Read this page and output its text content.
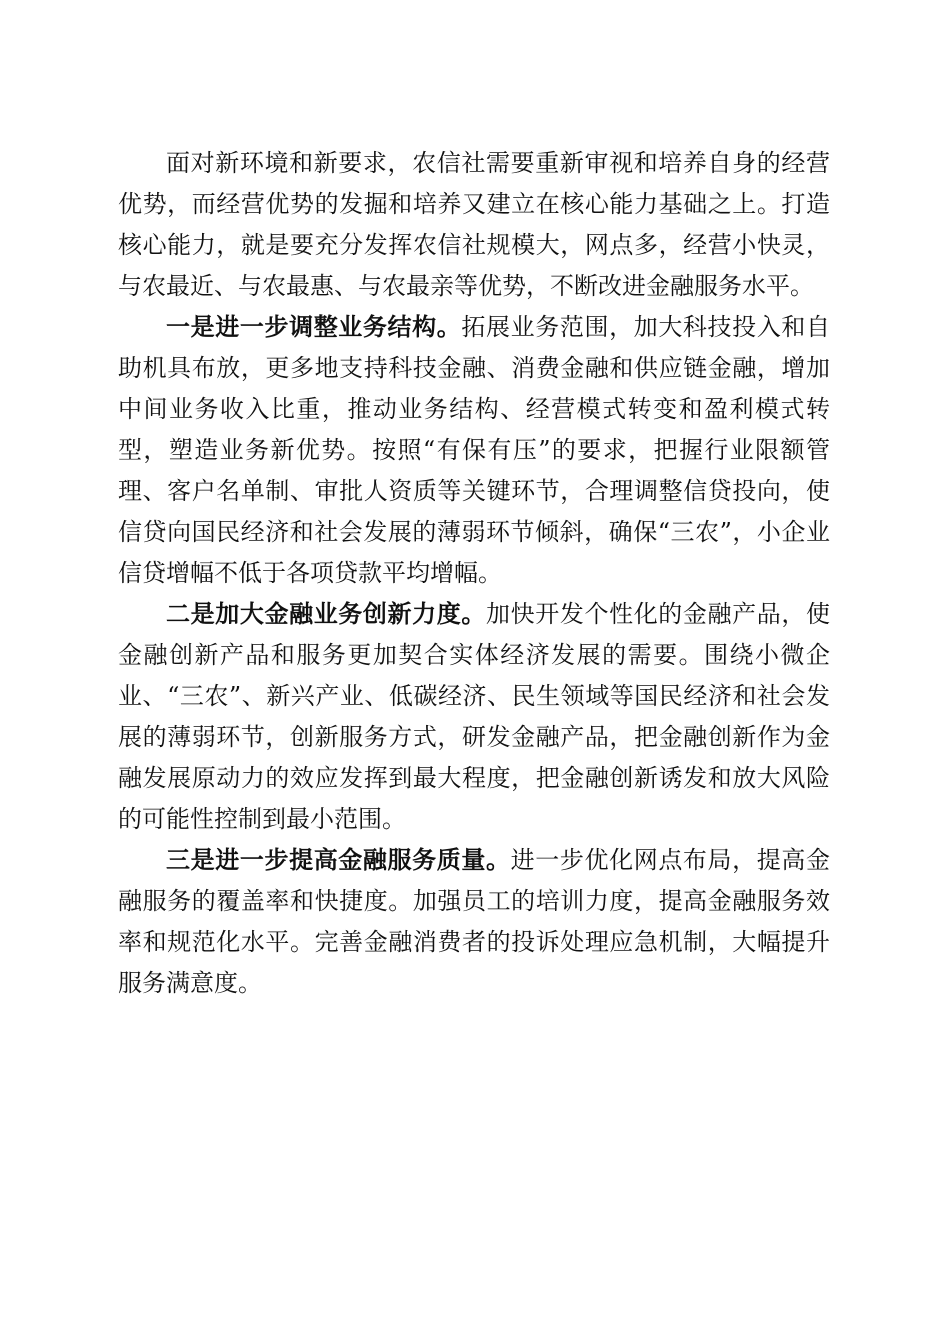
面对新环境和新要求，农信社需要重新审视和培养自身的经营优势，而经营优势的发掘和培养又建立在核心能力基础之上。打造核心能力，就是要充分发挥农信社规模大，网点多，经营小快灵，与农最近、与农最惠、与农最亲等优势，不断改进金融服务水平。

一是进一步调整业务结构。拓展业务范围，加大科技投入和自助机具布放，更多地支持科技金融、消费金融和供应链金融，增加中间业务收入比重，推动业务结构、经营模式转变和盈利模式转型，塑造业务新优势。按照“有保有压”的要求，把握行业限额管理、客户名单制、审批人资质等关键环节，合理调整信贷投向，使信贷向国民经济和社会发展的薄弱环节倾斜，确保“三农”，小企业信贷增幅不低于各项贷款平均增幅。

二是加大金融业务创新力度。加快开发个性化的金融产品，使金融创新产品和服务更加契合实体经济发展的需要。围绕小微企业、“三农”、新兴产业、低碳经济、民生领域等国民经济和社会发展的薄弱环节，创新服务方式，研发金融产品，把金融创新作为金融发展原动力的效应发挥到最大程度，把金融创新诱发和放大风险的可能性控制到最小范围。

三是进一步提高金融服务质量。进一步优化网点布局，提高金融服务的覆盖率和快捷度。加强员工的培训力度，提高金融服务效率和规范化水平。完善金融消费者的投诉处理应急机制，大幅提升服务满意度。
